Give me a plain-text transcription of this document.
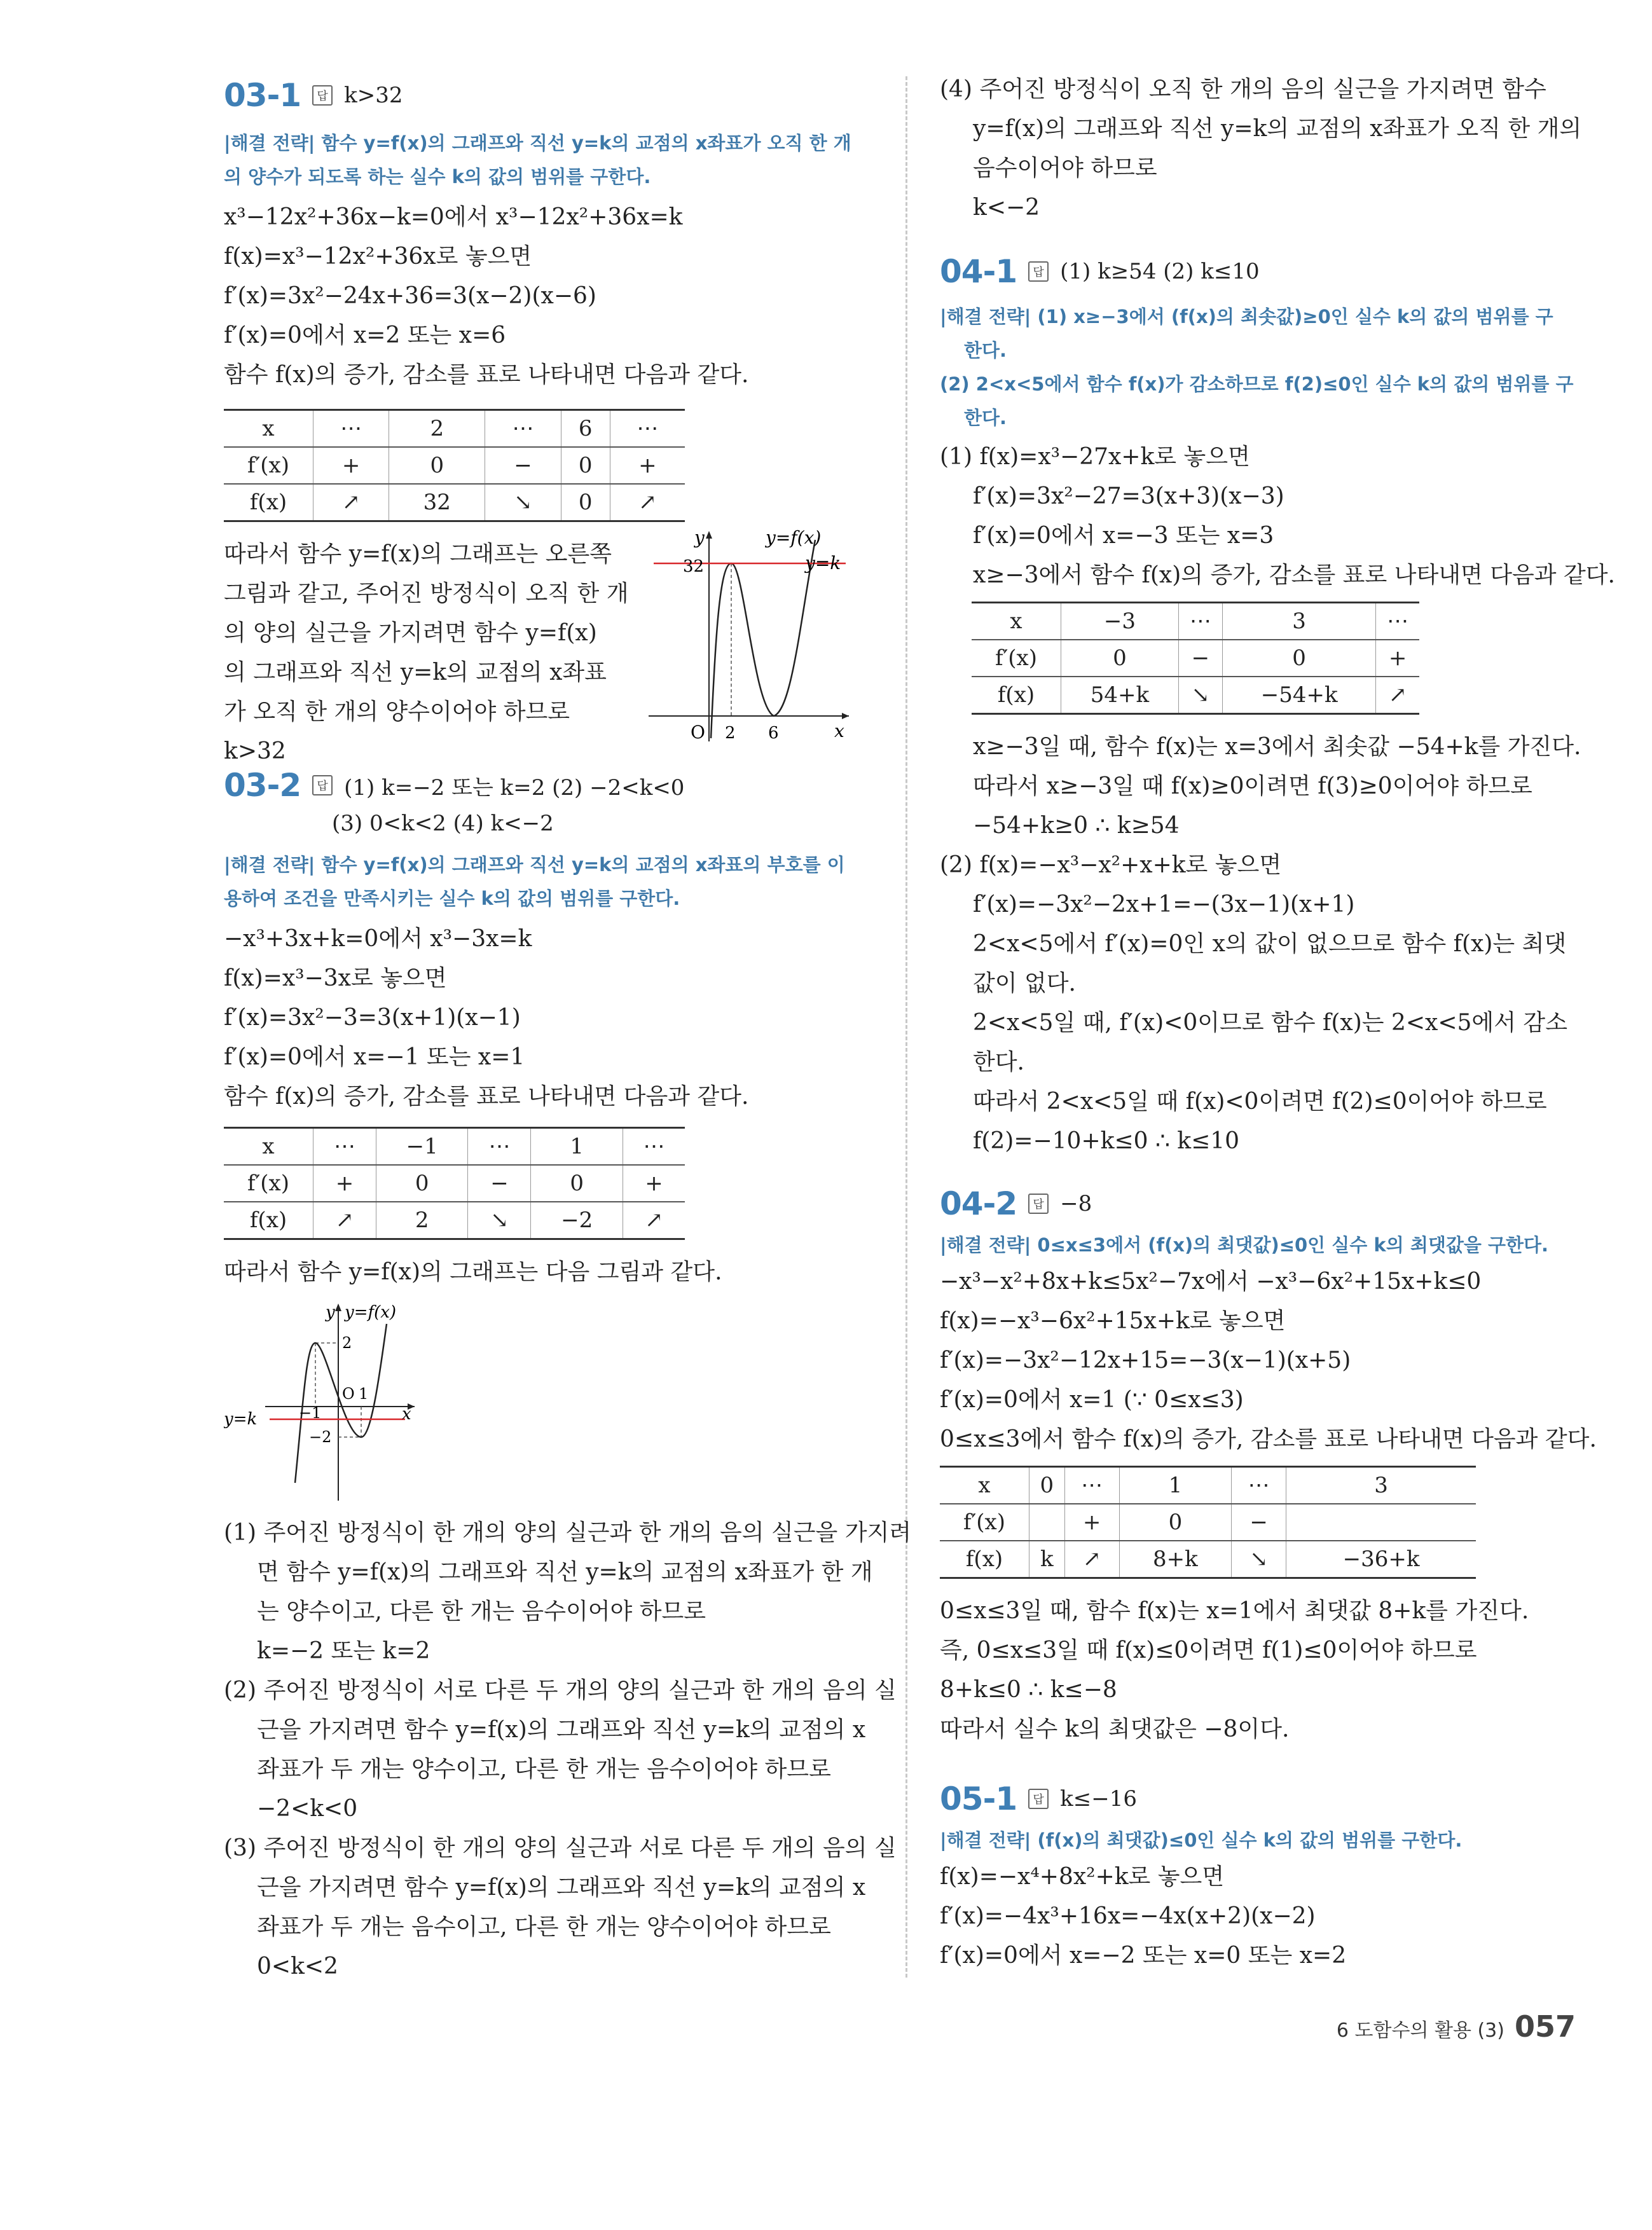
03-1	답 k>32
|해결 전략| 함수 y=f(x)의 그래프와 직선 y=k의 교점의 x좌표가 오직 한 개
의 양수가 되도록 하는 실수 k의 값의 범위를 구한다.
x³−12x²+36x−k=0에서 x³−12x²+36x=k
f(x)=x³−12x²+36x로 놓으면
f′(x)=3x²−24x+36=3(x−2)(x−6)
f′(x)=0에서 x=2 또는 x=6
함수 f(x)의 증가, 감소를 표로 나타내면 다음과 같다.
x	⋯	2	⋯	6	⋯
f′(x)	+	0	−	0	+
f(x)	↗	32	↘	0	↗
따라서 함수 y=f(x)의 그래프는 오른쪽
그림과 같고, 주어진 방정식이 오직 한 개
의 양의 실근을 가지려면 함수 y=f(x)
의 그래프와 직선 y=k의 교점의 x좌표
가 오직 한 개의 양수이어야 하므로
k>32
y	y=f(x)
y=k
32
O 2 6	x
03-2	답 (1) k=−2 또는 k=2 (2) −2<k<0
(3) 0<k<2 (4) k<−2
|해결 전략| 함수 y=f(x)의 그래프와 직선 y=k의 교점의 x좌표의 부호를 이
용하여 조건을 만족시키는 실수 k의 값의 범위를 구한다.
−x³+3x+k=0에서 x³−3x=k
f(x)=x³−3x로 놓으면
f′(x)=3x²−3=3(x+1)(x−1)
f′(x)=0에서 x=−1 또는 x=1
함수 f(x)의 증가, 감소를 표로 나타내면 다음과 같다.
x	⋯	−1	⋯	1	⋯
f′(x)	+	0	−	0	+
f(x)	↗	2	↘	−2	↗
따라서 함수 y=f(x)의 그래프는 다음 그림과 같다.
y y=f(x)
2
O 1
−1
−2
x
y=k
(1) 주어진 방정식이 한 개의 양의 실근과 한 개의 음의 실근을 가지려
면 함수 y=f(x)의 그래프와 직선 y=k의 교점의 x좌표가 한 개
는 양수이고, 다른 한 개는 음수이어야 하므로
k=−2 또는 k=2
(2) 주어진 방정식이 서로 다른 두 개의 양의 실근과 한 개의 음의 실
근을 가지려면 함수 y=f(x)의 그래프와 직선 y=k의 교점의 x
좌표가 두 개는 양수이고, 다른 한 개는 음수이어야 하므로
−2<k<0
(3) 주어진 방정식이 한 개의 양의 실근과 서로 다른 두 개의 음의 실
근을 가지려면 함수 y=f(x)의 그래프와 직선 y=k의 교점의 x
좌표가 두 개는 음수이고, 다른 한 개는 양수이어야 하므로
0<k<2
(4) 주어진 방정식이 오직 한 개의 음의 실근을 가지려면 함수
y=f(x)의 그래프와 직선 y=k의 교점의 x좌표가 오직 한 개의
음수이어야 하므로
k<−2
04-1	답 (1) k≥54 (2) k≤10
|해결 전략| (1) x≥−3에서 (f(x)의 최솟값)≥0인 실수 k의 값의 범위를 구
한다.
(2) 2<x<5에서 함수 f(x)가 감소하므로 f(2)≤0인 실수 k의 값의 범위를 구
한다.
(1) f(x)=x³−27x+k로 놓으면
f′(x)=3x²−27=3(x+3)(x−3)
f′(x)=0에서 x=−3 또는 x=3
x≥−3에서 함수 f(x)의 증가, 감소를 표로 나타내면 다음과 같다.
x	−3	⋯	3	⋯
f′(x)	0	−	0	+
f(x)	54+k	↘	−54+k	↗
x≥−3일 때, 함수 f(x)는 x=3에서 최솟값 −54+k를 가진다.
따라서 x≥−3일 때 f(x)≥0이려면 f(3)≥0이어야 하므로
−54+k≥0 ∴ k≥54
(2) f(x)=−x³−x²+x+k로 놓으면
f′(x)=−3x²−2x+1=−(3x−1)(x+1)
2<x<5에서 f′(x)=0인 x의 값이 없으므로 함수 f(x)는 최댓
값이 없다.
2<x<5일 때, f′(x)<0이므로 함수 f(x)는 2<x<5에서 감소
한다.
따라서 2<x<5일 때 f(x)<0이려면 f(2)≤0이어야 하므로
f(2)=−10+k≤0 ∴ k≤10
04-2	답 −8
|해결 전략| 0≤x≤3에서 (f(x)의 최댓값)≤0인 실수 k의 최댓값을 구한다.
−x³−x²+8x+k≤5x²−7x에서 −x³−6x²+15x+k≤0
f(x)=−x³−6x²+15x+k로 놓으면
f′(x)=−3x²−12x+15=−3(x−1)(x+5)
f′(x)=0에서 x=1 (∵ 0≤x≤3)
0≤x≤3에서 함수 f(x)의 증가, 감소를 표로 나타내면 다음과 같다.
x	0	⋯	1	⋯	3
f′(x)		+	0	−	
f(x)	k	↗	8+k	↘	−36+k
0≤x≤3일 때, 함수 f(x)는 x=1에서 최댓값 8+k를 가진다.
즉, 0≤x≤3일 때 f(x)≤0이려면 f(1)≤0이어야 하므로
8+k≤0 ∴ k≤−8
따라서 실수 k의 최댓값은 −8이다.
05-1	답 k≤−16
|해결 전략| (f(x)의 최댓값)≤0인 실수 k의 값의 범위를 구한다.
f(x)=−x⁴+8x²+k로 놓으면
f′(x)=−4x³+16x=−4x(x+2)(x−2)
f′(x)=0에서 x=−2 또는 x=0 또는 x=2
6 도함수의 활용 (3) 057
